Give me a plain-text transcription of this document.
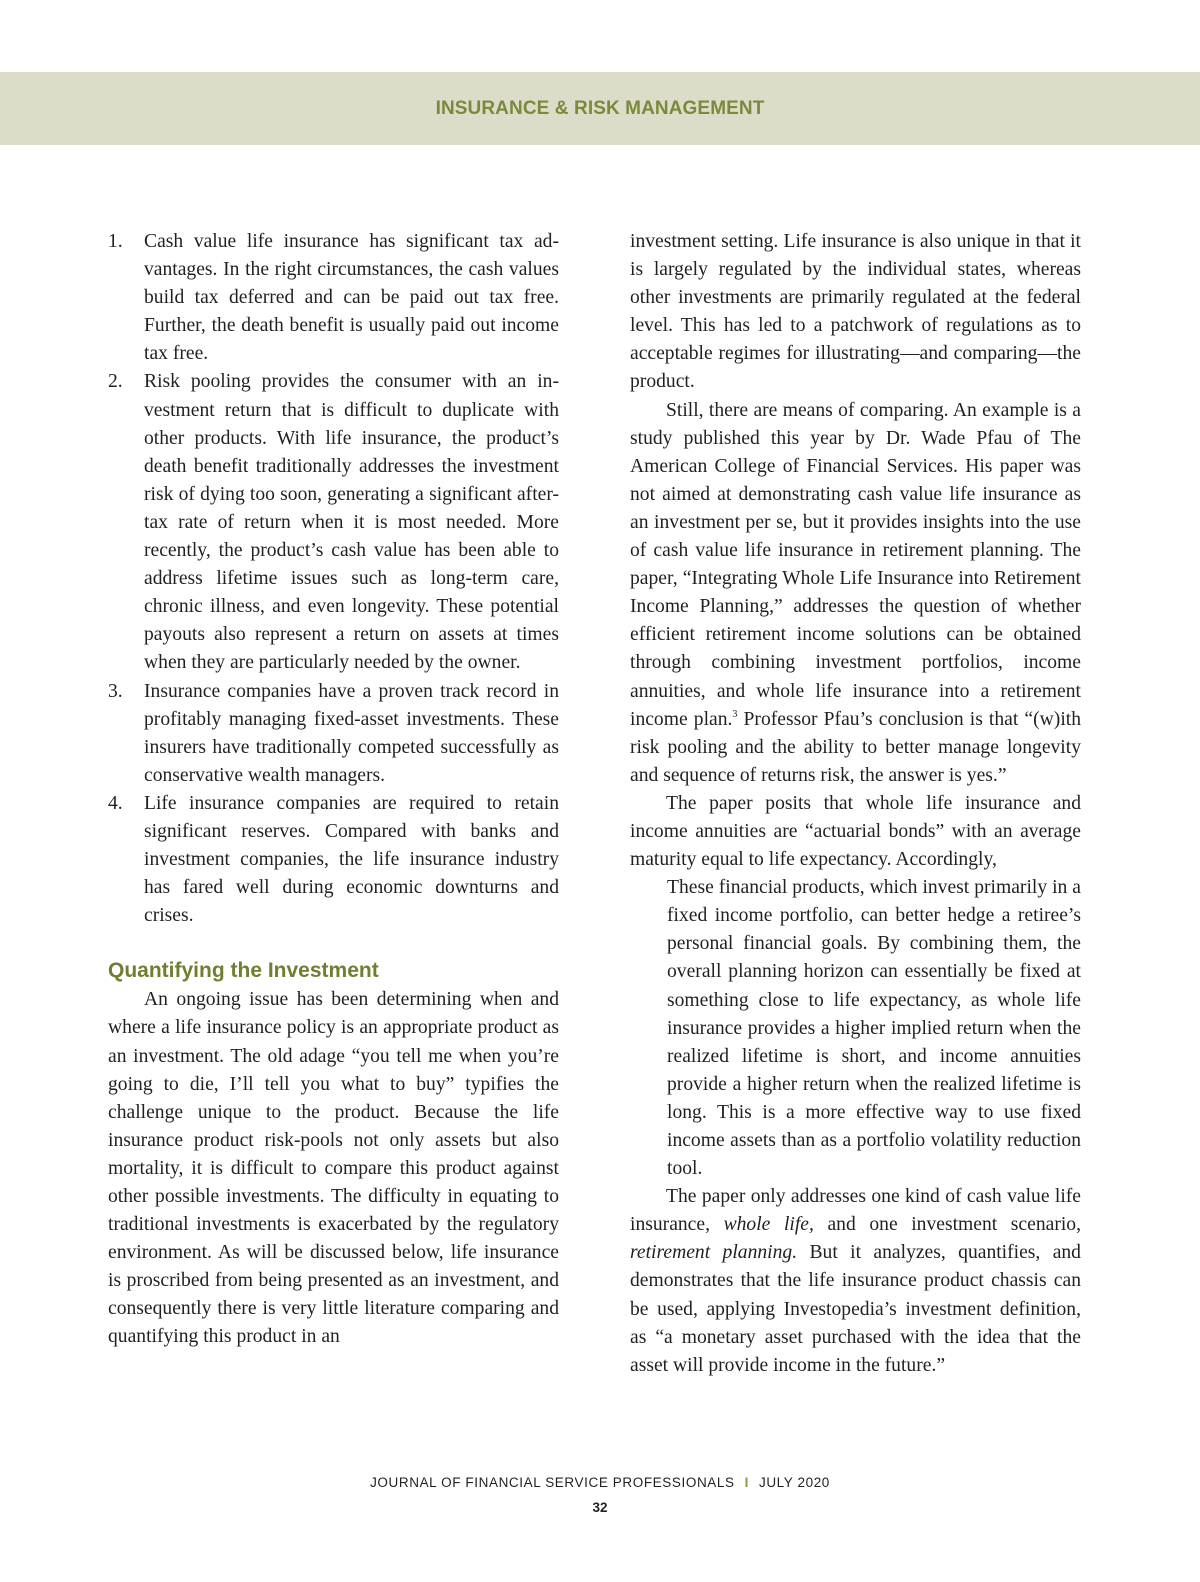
INSURANCE & RISK MANAGEMENT
1. Cash value life insurance has significant tax advantages. In the right circumstances, the cash values build tax deferred and can be paid out tax free. Further, the death benefit is usually paid out income tax free.
2. Risk pooling provides the consumer with an investment return that is difficult to duplicate with other products. With life insurance, the product’s death benefit traditionally addresses the investment risk of dying too soon, generating a significant after-tax rate of return when it is most needed. More recently, the product’s cash value has been able to address lifetime issues such as long-term care, chronic illness, and even longevity. These potential payouts also represent a return on assets at times when they are particularly needed by the owner.
3. Insurance companies have a proven track record in profitably managing fixed-asset investments. These insurers have traditionally competed successfully as conservative wealth managers.
4. Life insurance companies are required to retain significant reserves. Compared with banks and investment companies, the life insurance industry has fared well during economic downturns and crises.
Quantifying the Investment

An ongoing issue has been determining when and where a life insurance policy is an appropriate product as an investment. The old adage “you tell me when you’re going to die, I’ll tell you what to buy” typifies the challenge unique to the product. Because the life insurance product risk-pools not only assets but also mortality, it is difficult to compare this product against other possible investments. The difficulty in equating to traditional investments is exacerbated by the regulatory environment. As will be discussed below, life insurance is proscribed from being presented as an investment, and consequently there is very little literature comparing and quantifying this product in an

investment setting. Life insurance is also unique in that it is largely regulated by the individual states, whereas other investments are primarily regulated at the federal level. This has led to a patchwork of regulations as to acceptable regimes for illustrating—and comparing—the product.

Still, there are means of comparing. An example is a study published this year by Dr. Wade Pfau of The American College of Financial Services. His paper was not aimed at demonstrating cash value life insurance as an investment per se, but it provides insights into the use of cash value life insurance in retirement planning. The paper, “Integrating Whole Life Insurance into Retirement Income Planning,” addresses the question of whether efficient retirement income solutions can be obtained through combining investment portfolios, income annuities, and whole life insurance into a retirement income plan.$^3$ Professor Pfau’s conclusion is that “(w)ith risk pooling and the ability to better manage longevity and sequence of returns risk, the answer is yes.”

The paper posits that whole life insurance and income annuities are “actuarial bonds” with an average maturity equal to life expectancy. Accordingly,

These financial products, which invest primarily in a fixed income portfolio, can better hedge a retiree’s personal financial goals. By combining them, the overall planning horizon can essentially be fixed at something close to life expectancy, as whole life insurance provides a higher implied return when the realized lifetime is short, and income annuities provide a higher return when the realized lifetime is long. This is a more effective way to use fixed income assets than as a portfolio volatility reduction tool.

The paper only addresses one kind of cash value life insurance, whole life, and one investment scenario, retirement planning. But it analyzes, quantifies, and demonstrates that the life insurance product chassis can be used, applying Investopedia’s investment definition, as “a monetary asset purchased with the idea that the asset will provide income in the future.”

JOURNAL OF FINANCIAL SERVICE PROFESSIONALS I JULY 2020
32
